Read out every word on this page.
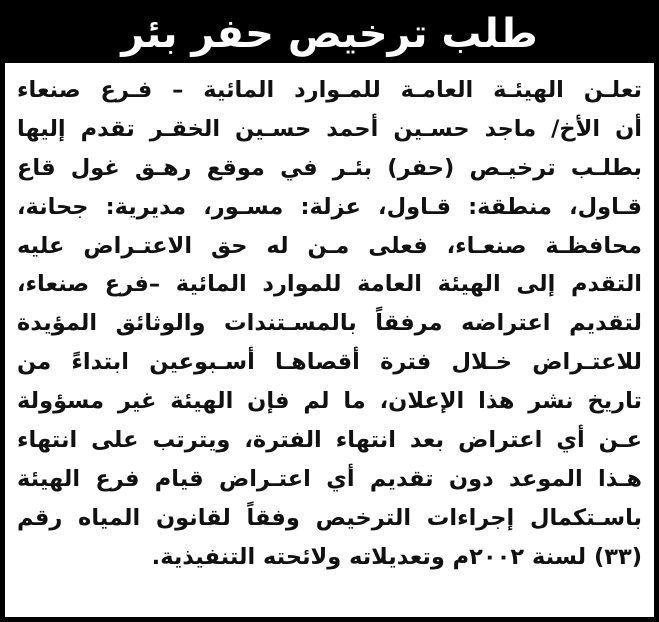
طلب ترخيص حفر بئر
تعلـن الهيئـة العامـة للمـوارد المائية – فـرع صنعاء
أن الأخ/ ماجد حسـين أحمد حسـين الخقـر تقدم إليها
بطلـب ترخيـص (حفر) بئـر في موقع رهـق غول قاع
قـاول، منطقة: قـاول، عزلة: مسـور، مديرية: جحانة،
محافظـة صنعـاء، فعلى مـن له حق الاعتـراض عليه
التقدم إلى الهيئة العامة للموارد المائية –فرع صنعاء،
لتقديم اعتراضه مرفقاً بالمسـتندات والوثائق المؤيدة
للاعتـراض خـلال فترة أقصاهـا أسـبوعين ابتداءً من
تاريخ نشر هذا الإعلان، ما لم فإن الهيئة غير مسؤولة
عـن أي اعتراض بعد انتهاء الفترة، ويترتب على انتهاء
هـذا الموعد دون تقديم أي اعتـراض قيام فرع الهيئة
باسـتكمال إجراءات الترخيص وفقاً لقانون المياه رقم
(٣٣) لسنة ٢٠٠٢م وتعديلاته ولائحته التنفيذية.
